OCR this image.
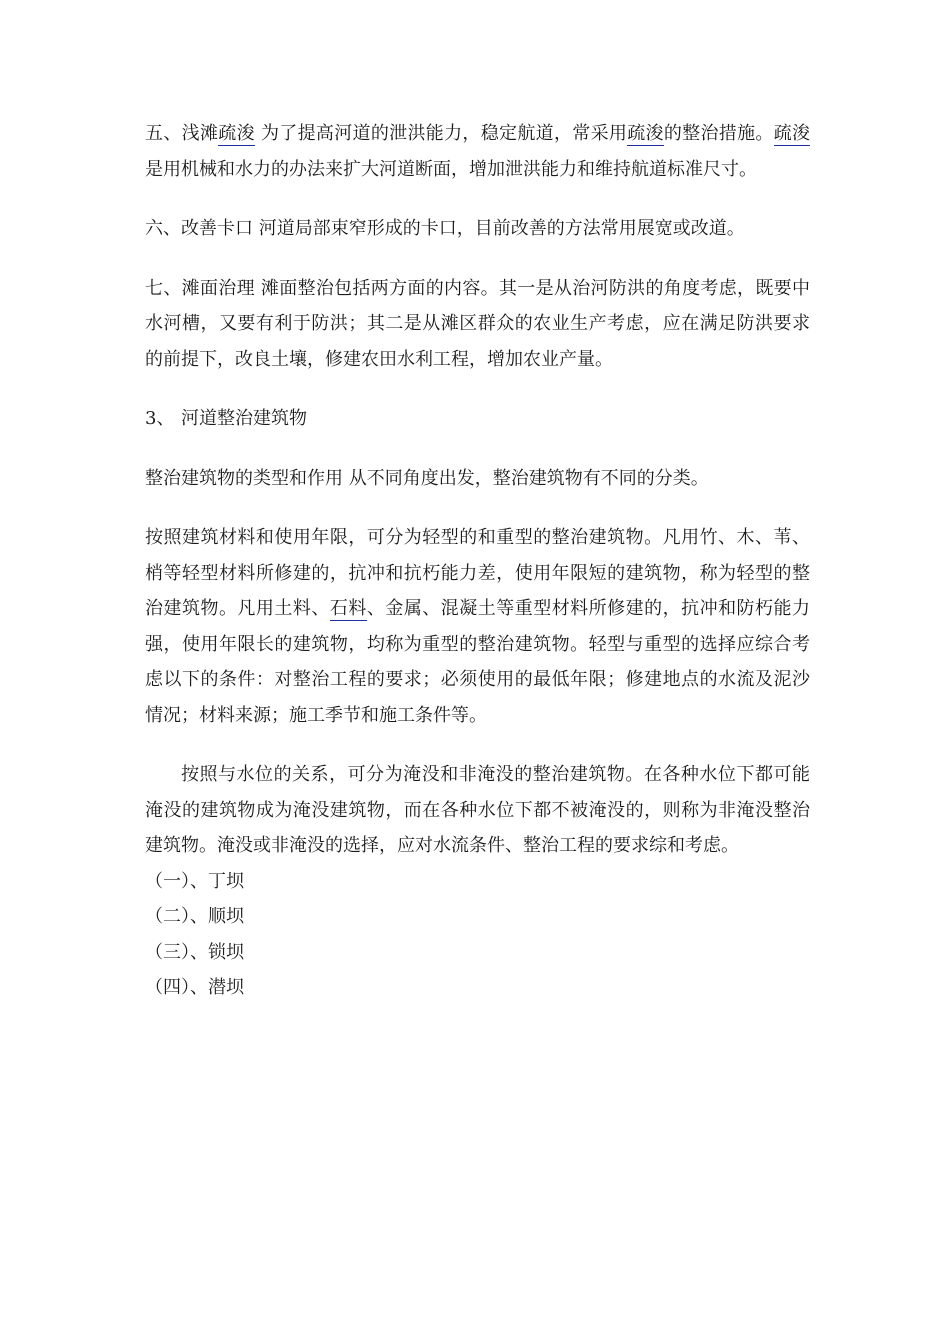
五、浅滩疏浚 为了提高河道的泄洪能力，稳定航道，常采用疏浚的整治措施。疏浚是用机械和水力的办法来扩大河道断面，增加泄洪能力和维持航道标准尺寸。

六、改善卡口 河道局部束窄形成的卡口，目前改善的方法常用展宽或改道。

七、滩面治理 滩面整治包括两方面的内容。其一是从治河防洪的角度考虑，既要中水河槽，又要有利于防洪；其二是从滩区群众的农业生产考虑，应在满足防洪要求的前提下，改良土壤，修建农田水利工程，增加农业产量。

3、 河道整治建筑物

整治建筑物的类型和作用 从不同角度出发，整治建筑物有不同的分类。

按照建筑材料和使用年限，可分为轻型的和重型的整治建筑物。凡用竹、木、苇、梢等轻型材料所修建的，抗冲和抗朽能力差，使用年限短的建筑物，称为轻型的整治建筑物。凡用土料、石料、金属、混凝土等重型材料所修建的，抗冲和防朽能力强，使用年限长的建筑物，均称为重型的整治建筑物。轻型与重型的选择应综合考虑以下的条件：对整治工程的要求；必须使用的最低年限；修建地点的水流及泥沙情况；材料来源；施工季节和施工条件等。

按照与水位的关系，可分为淹没和非淹没的整治建筑物。在各种水位下都可能淹没的建筑物成为淹没建筑物，而在各种水位下都不被淹没的，则称为非淹没整治建筑物。淹没或非淹没的选择，应对水流条件、整治工程的要求综和考虑。

（一）、丁坝

（二）、顺坝

（三）、锁坝

（四）、潜坝
